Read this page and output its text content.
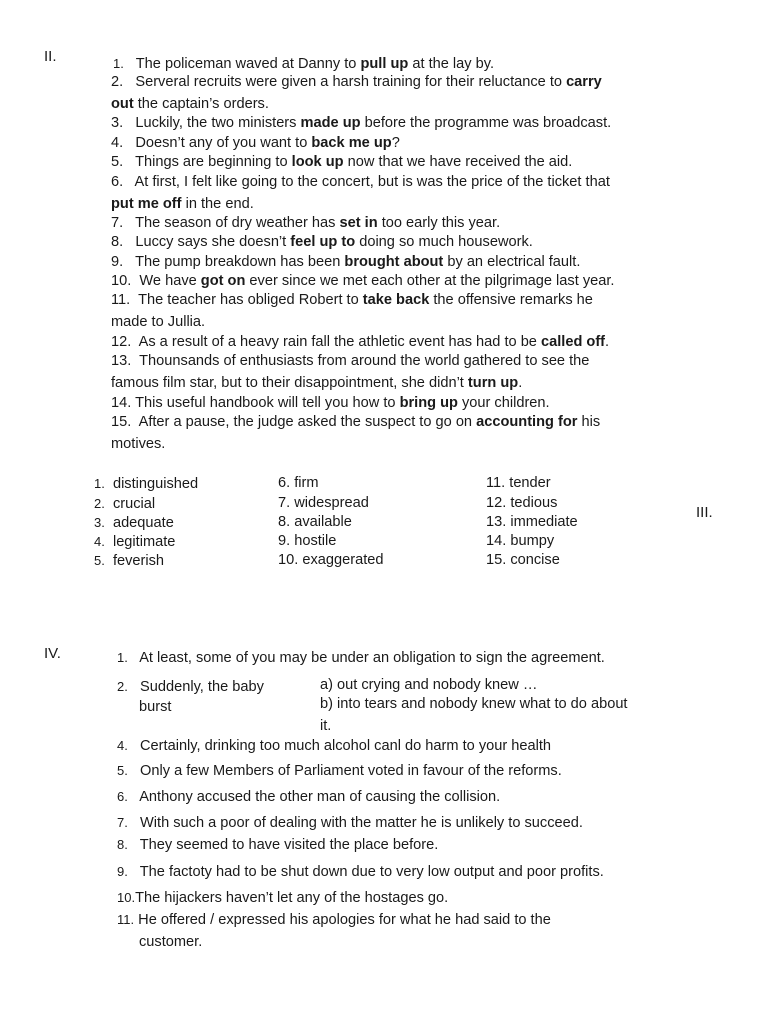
II.
III.
IV.
1. The policeman waved at Danny to pull up at the lay by.
2.   Serveral recruits were given a harsh training for their reluctance to carry
out the captain’s orders.
3.   Luckily, the two ministers made up before the programme was broadcast.
4.   Doesn’t any of you want to back me up?
5.   Things are beginning to look up now that we have received the aid.
6.   At first, I felt like going to the concert, but is was the price of the ticket that
put me off in the end.
7.   The season of dry weather has set in too early this year.
8.   Luccy says she doesn’t feel up to doing so much housework.
9.   The pump breakdown has been brought about by an electrical fault.
10.  We have got on ever since we met each other at the pilgrimage last year.
11.  The teacher has obliged Robert to take back the offensive remarks he
made to Jullia.
12.  As a result of a heavy rain fall the athletic event has had to be called off.
13.  Thounsands of enthusiasts from around the world gathered to see the
famous film star, but to their disappointment, she didn’t turn up.
14. This useful handbook will tell you how to bring up your children.
15.  After a pause, the judge asked the suspect to go on accounting for his
motives.
1. distinguished
2. crucial
3. adequate
4. legitimate
5. feverish
6. firm
7. widespread
8. available
9. hostile
10. exaggerated
11. tender
12. tedious
13. immediate
14. bumpy
15. concise
1. At least, some of you may be under an obligation to sign the agreement.
2. Suddenly, the baby
burst
a) out crying and nobody knew …
b) into tears and nobody knew what to do about
it.
4. Certainly, drinking too much alcohol canl do harm to your health
5. Only a few Members of Parliament voted in favour of the reforms.
6. Anthony accused the other man of causing the collision.
7. With such a poor of dealing with the matter he is unlikely to succeed.
8. They seemed to have visited the place before.
9. The factoty had to be shut down due to very low output and poor profits.
10.The hijackers haven’t let any of the hostages go.
11. He offered / expressed his apologies for what he had said to the
customer.
